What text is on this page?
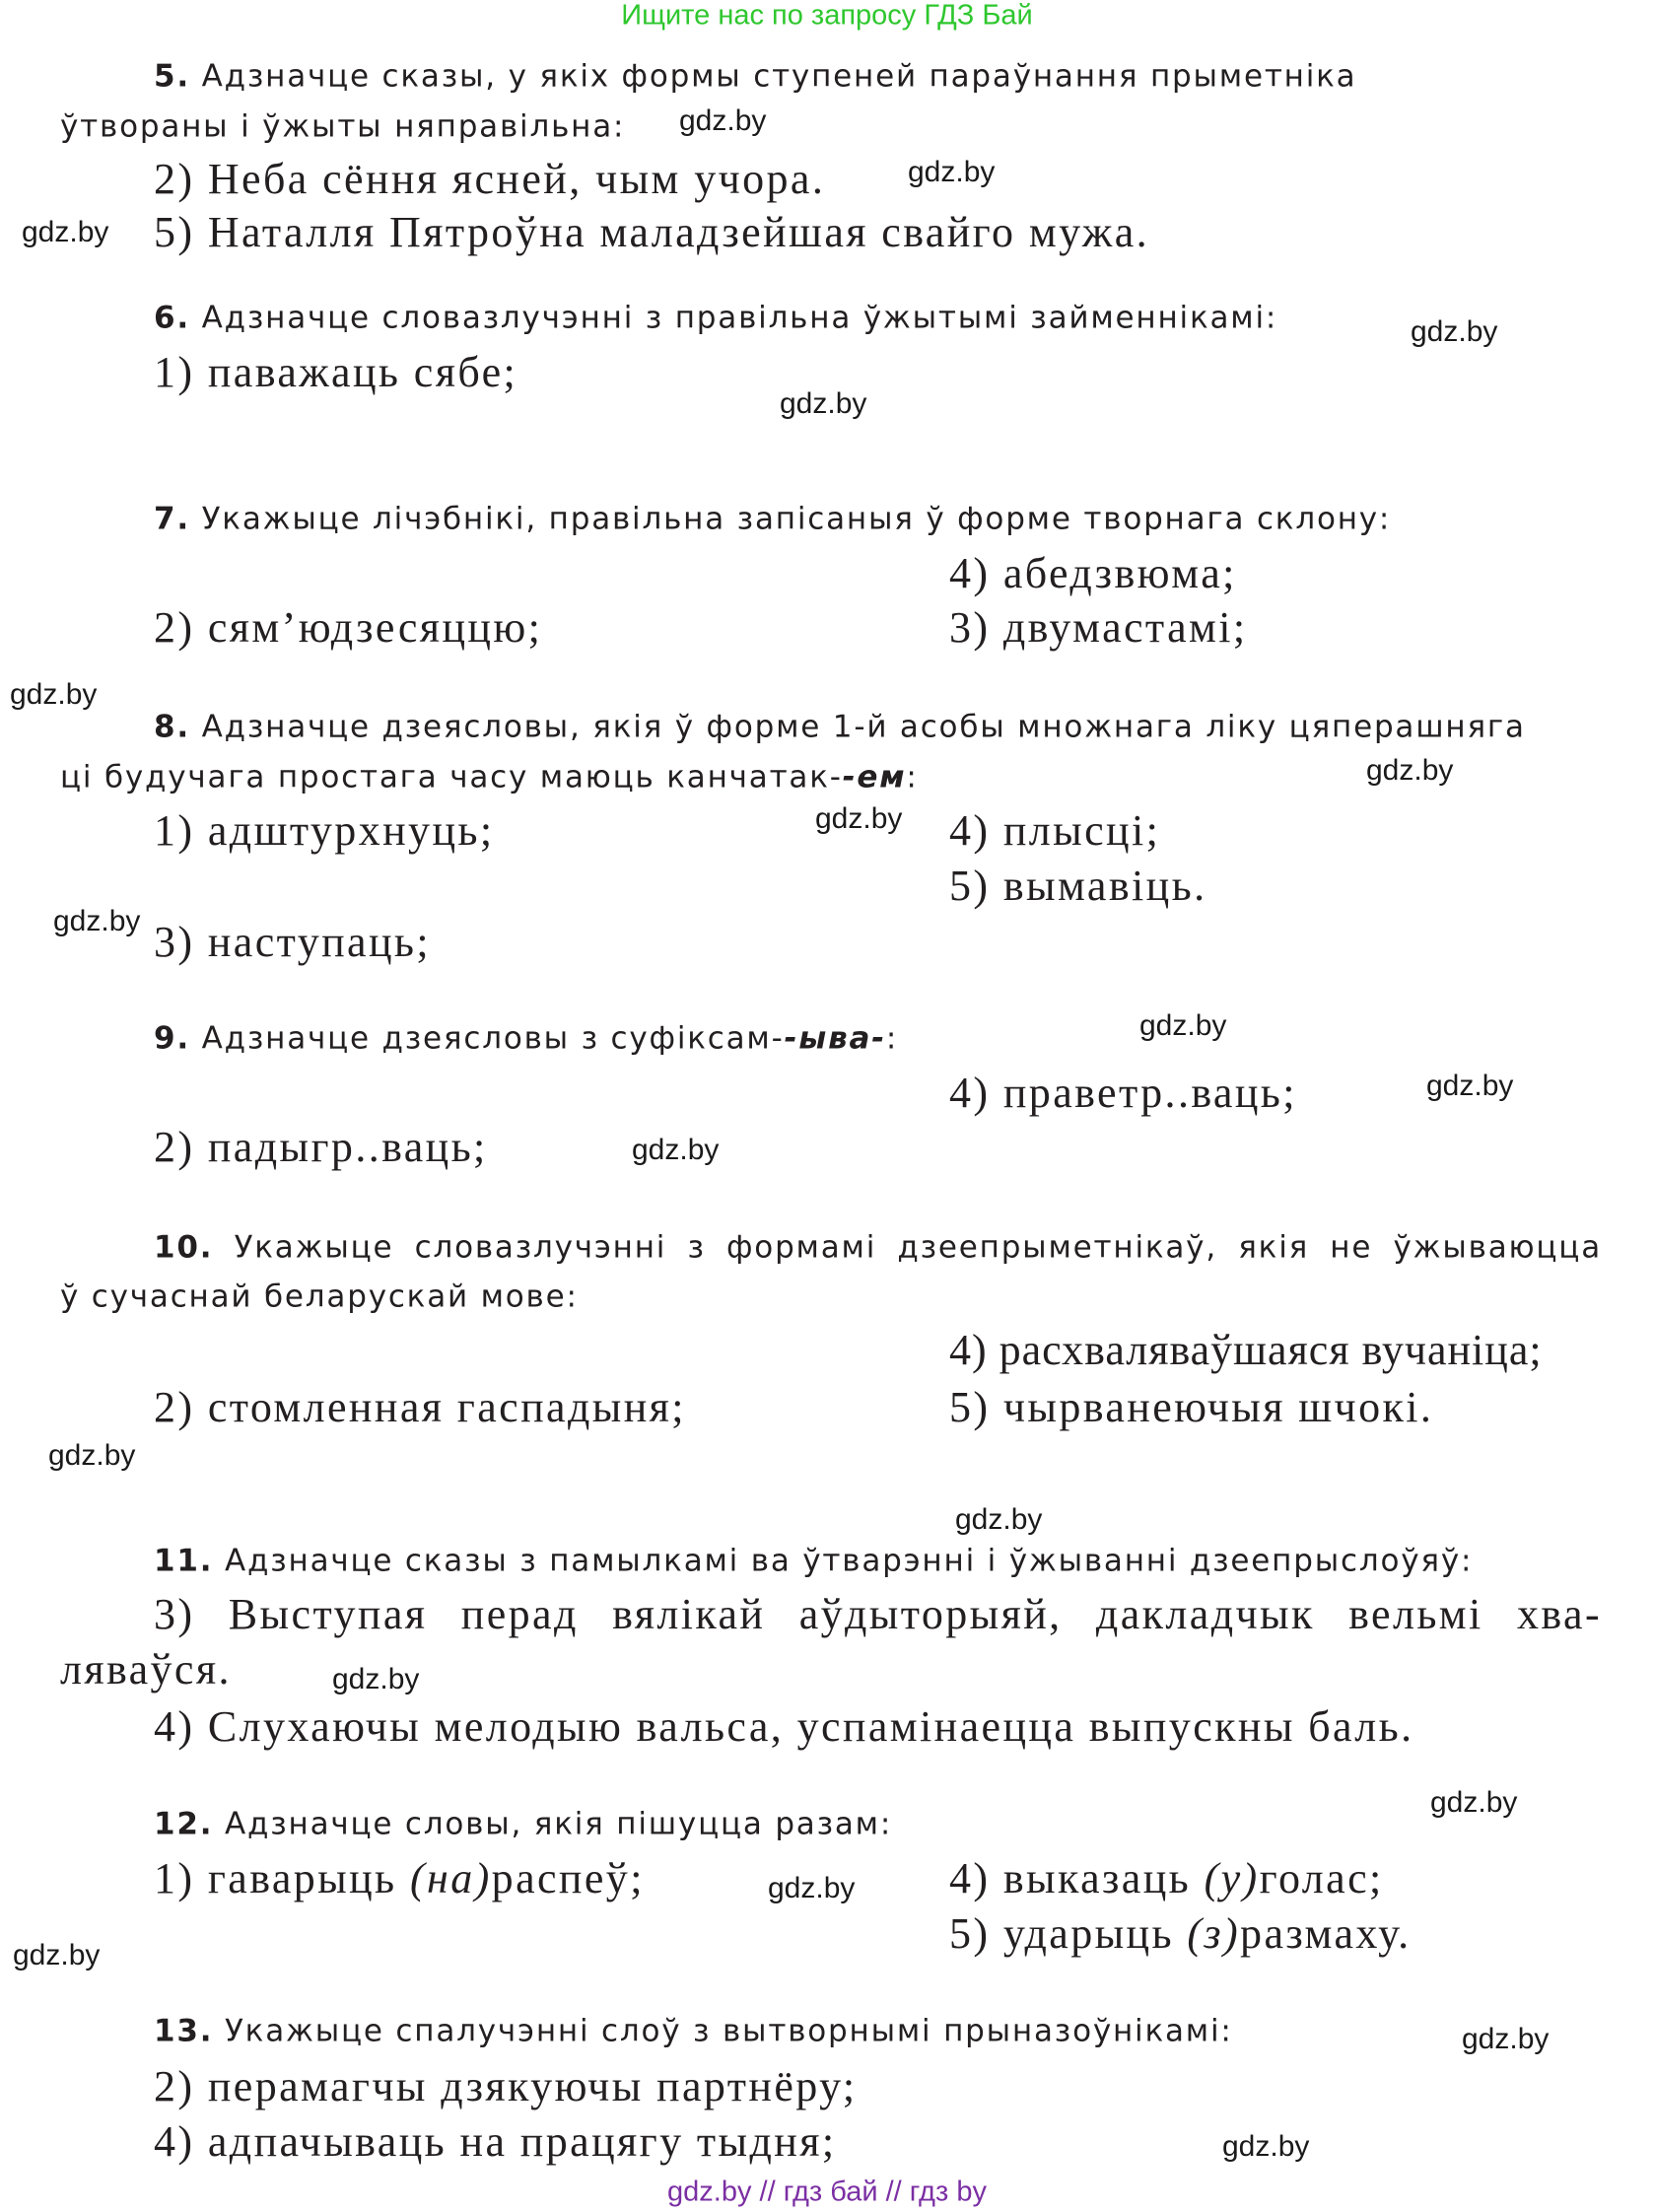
Ищите нас по запросу ГДЗ Бай
5. Адзначце сказы, у якіх формы ступеней параўнання прыметніка
ўтвораны і ўжыты няправільна:
2) Неба сёння ясней, чым учора.
5) Наталля Пятроўна маладзейшая свайго мужа.
6. Адзначце словазлучэнні з правільна ўжытымі займеннікамі:
1) паважаць сябе;
7. Укажыце лічэбнікі, правільна запісаныя ў форме творнага склону:
4) абедзвюма;
2) сям’юдзесяццю;	3) двумастамі;
8. Адзначце дзеясловы, якія ў форме 1-й асобы множнага ліку цяперашняга
ці будучага простага часу маюць канчатак--ем:
1) адштурхнуць;	4) плысці;
5) вымавіць.
3) наступаць;
9. Адзначце дзеясловы з суфіксам--ыва-:
4) праветр..ваць;
2) падыгр..ваць;
10. Укажыце словазлучэнні з формамі дзеепрыметнікаў, якія не ўжываюцца
ў сучаснай беларускай мове:
4) расхваляваўшаяся вучаніца;
2) стомленная гаспадыня;	5) чырванеючыя шчокі.
11. Адзначце сказы з памылкамі ва ўтварэнні і ўжыванні дзеепрыслоўяў:
3) Выступая перад вялікай аўдыторыяй, дакладчык вельмі хва-
ляваўся.
4) Слухаючы мелодыю вальса, успамінаецца выпускны баль.
12. Адзначце словы, якія пішуцца разам:
1) гаварыць (на)распеў;	4) выказаць (у)голас;
5) ударыць (з)размаху.
13. Укажыце спалучэнні слоў з вытворнымі прыназоўнікамі:
2) перамагчы дзякуючы партнёру;
4) адпачываць на працягу тыдня;
gdz.by
gdz.by
gdz.by
gdz.by
gdz.by
gdz.by
gdz.by
gdz.by
gdz.by
gdz.by
gdz.by
gdz.by
gdz.by
gdz.by
gdz.by
gdz.by
gdz.by
gdz.by
gdz.by
gdz.by
gdz.by // гдз бай // гдз by
